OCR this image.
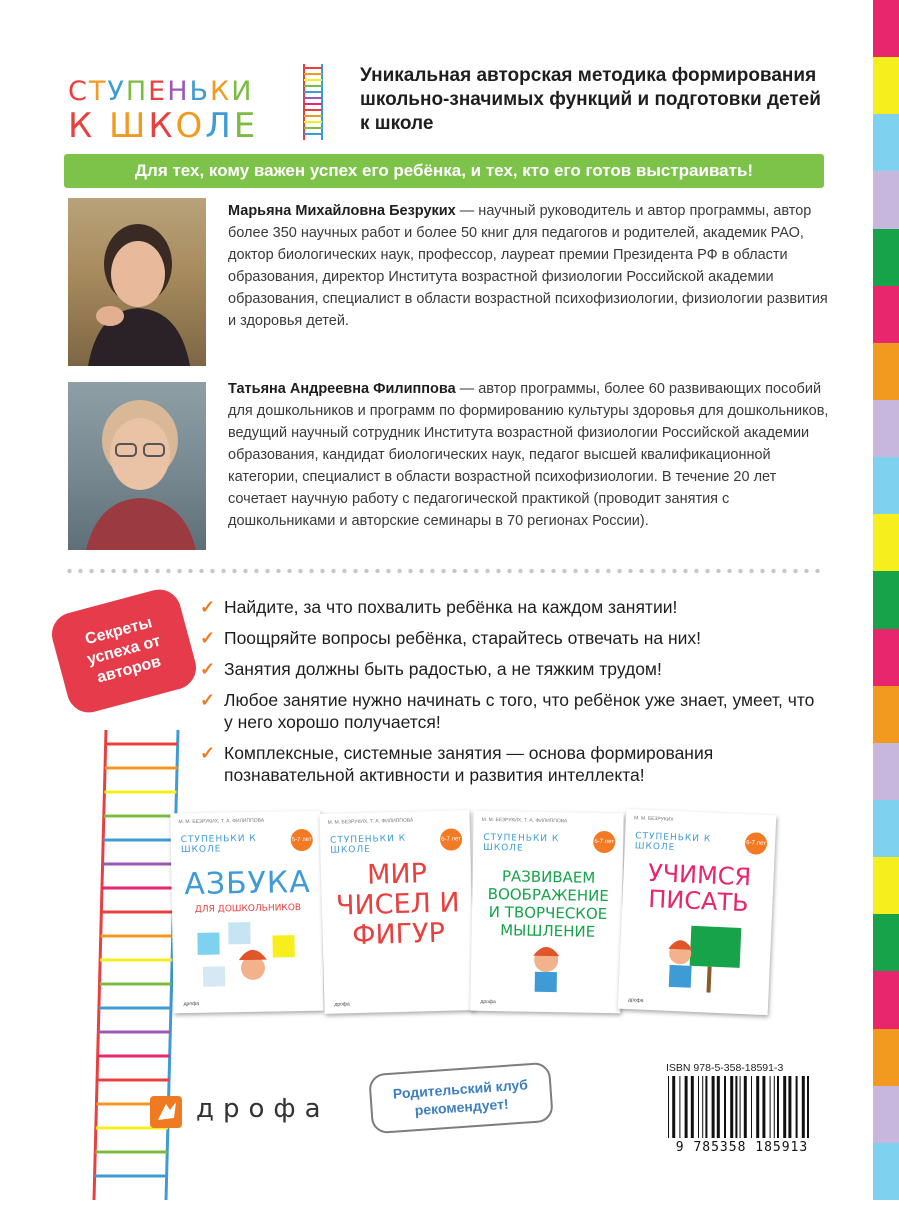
СТУПЕНЬКИ
К ШКОЛЕ
Уникальная авторская методика формирования школьно-значимых функций и подготовки детей к школе
Для тех, кому важен успех его ребёнка, и тех, кто его готов выстраивать!
Марьяна Михайловна Безруких — научный руководитель и автор программы, автор более 350 научных работ и более 50 книг для педагогов и родителей, академик РАО, доктор биологических наук, профессор, лауреат премии Президента РФ в области образования, директор Института возрастной физиологии Российской академии образования, специалист в области возрастной психофизиологии, физиологии развития и здоровья детей.
Татьяна Андреевна Филиппова — автор программы, более 60 развивающих пособий для дошкольников и программ по формированию культуры здоровья для дошкольников, ведущий научный сотрудник Института возрастной физиологии Российской академии образования, кандидат биологических наук, педагог высшей квалификационной категории, специалист в области возрастной психофизиологии. В течение 20 лет сочетает научную работу с педагогической практикой (проводит занятия с дошкольниками и авторские семинары в 70 регионах России).
Секреты успеха от авторов
✓ Найдите, за что похвалить ребёнка на каждом занятии!
✓ Поощряйте вопросы ребёнка, старайтесь отвечать на них!
✓ Занятия должны быть радостью, а не тяжким трудом!
✓ Любое занятие нужно начинать с того, что ребёнок уже знает, умеет, что у него хорошо получается!
✓ Комплексные, системные занятия — основа формирования познавательной активности и развития интеллекта!
М. М. БЕЗРУКИХ, Т. А. ФИЛИППОВА
СТУПЕНЬКИ К ШКОЛЕ
5-7 лет
АЗБУКА
ДЛЯ ДОШКОЛЬНИКОВ
дрофа
М. М. БЕЗРУКИХ, Т. А. ФИЛИППОВА
СТУПЕНЬКИ К ШКОЛЕ
6-7 лет
МИР ЧИСЕЛ И ФИГУР
дрофа
М. М. БЕЗРУКИХ, Т. А. ФИЛИППОВА
СТУПЕНЬКИ К ШКОЛЕ
6-7 лет
РАЗВИВАЕМ ВООБРАЖЕНИЕ И ТВОРЧЕСКОЕ МЫШЛЕНИЕ
дрофа
М. М. БЕЗРУКИХ
СТУПЕНЬКИ К ШКОЛЕ	6-7 лет
УЧИМСЯ ПИСАТЬ
дрофа
дрофа
Родительский клуб рекомендует!
ISBN 978-5-358-18591-3
9 785358 185913
